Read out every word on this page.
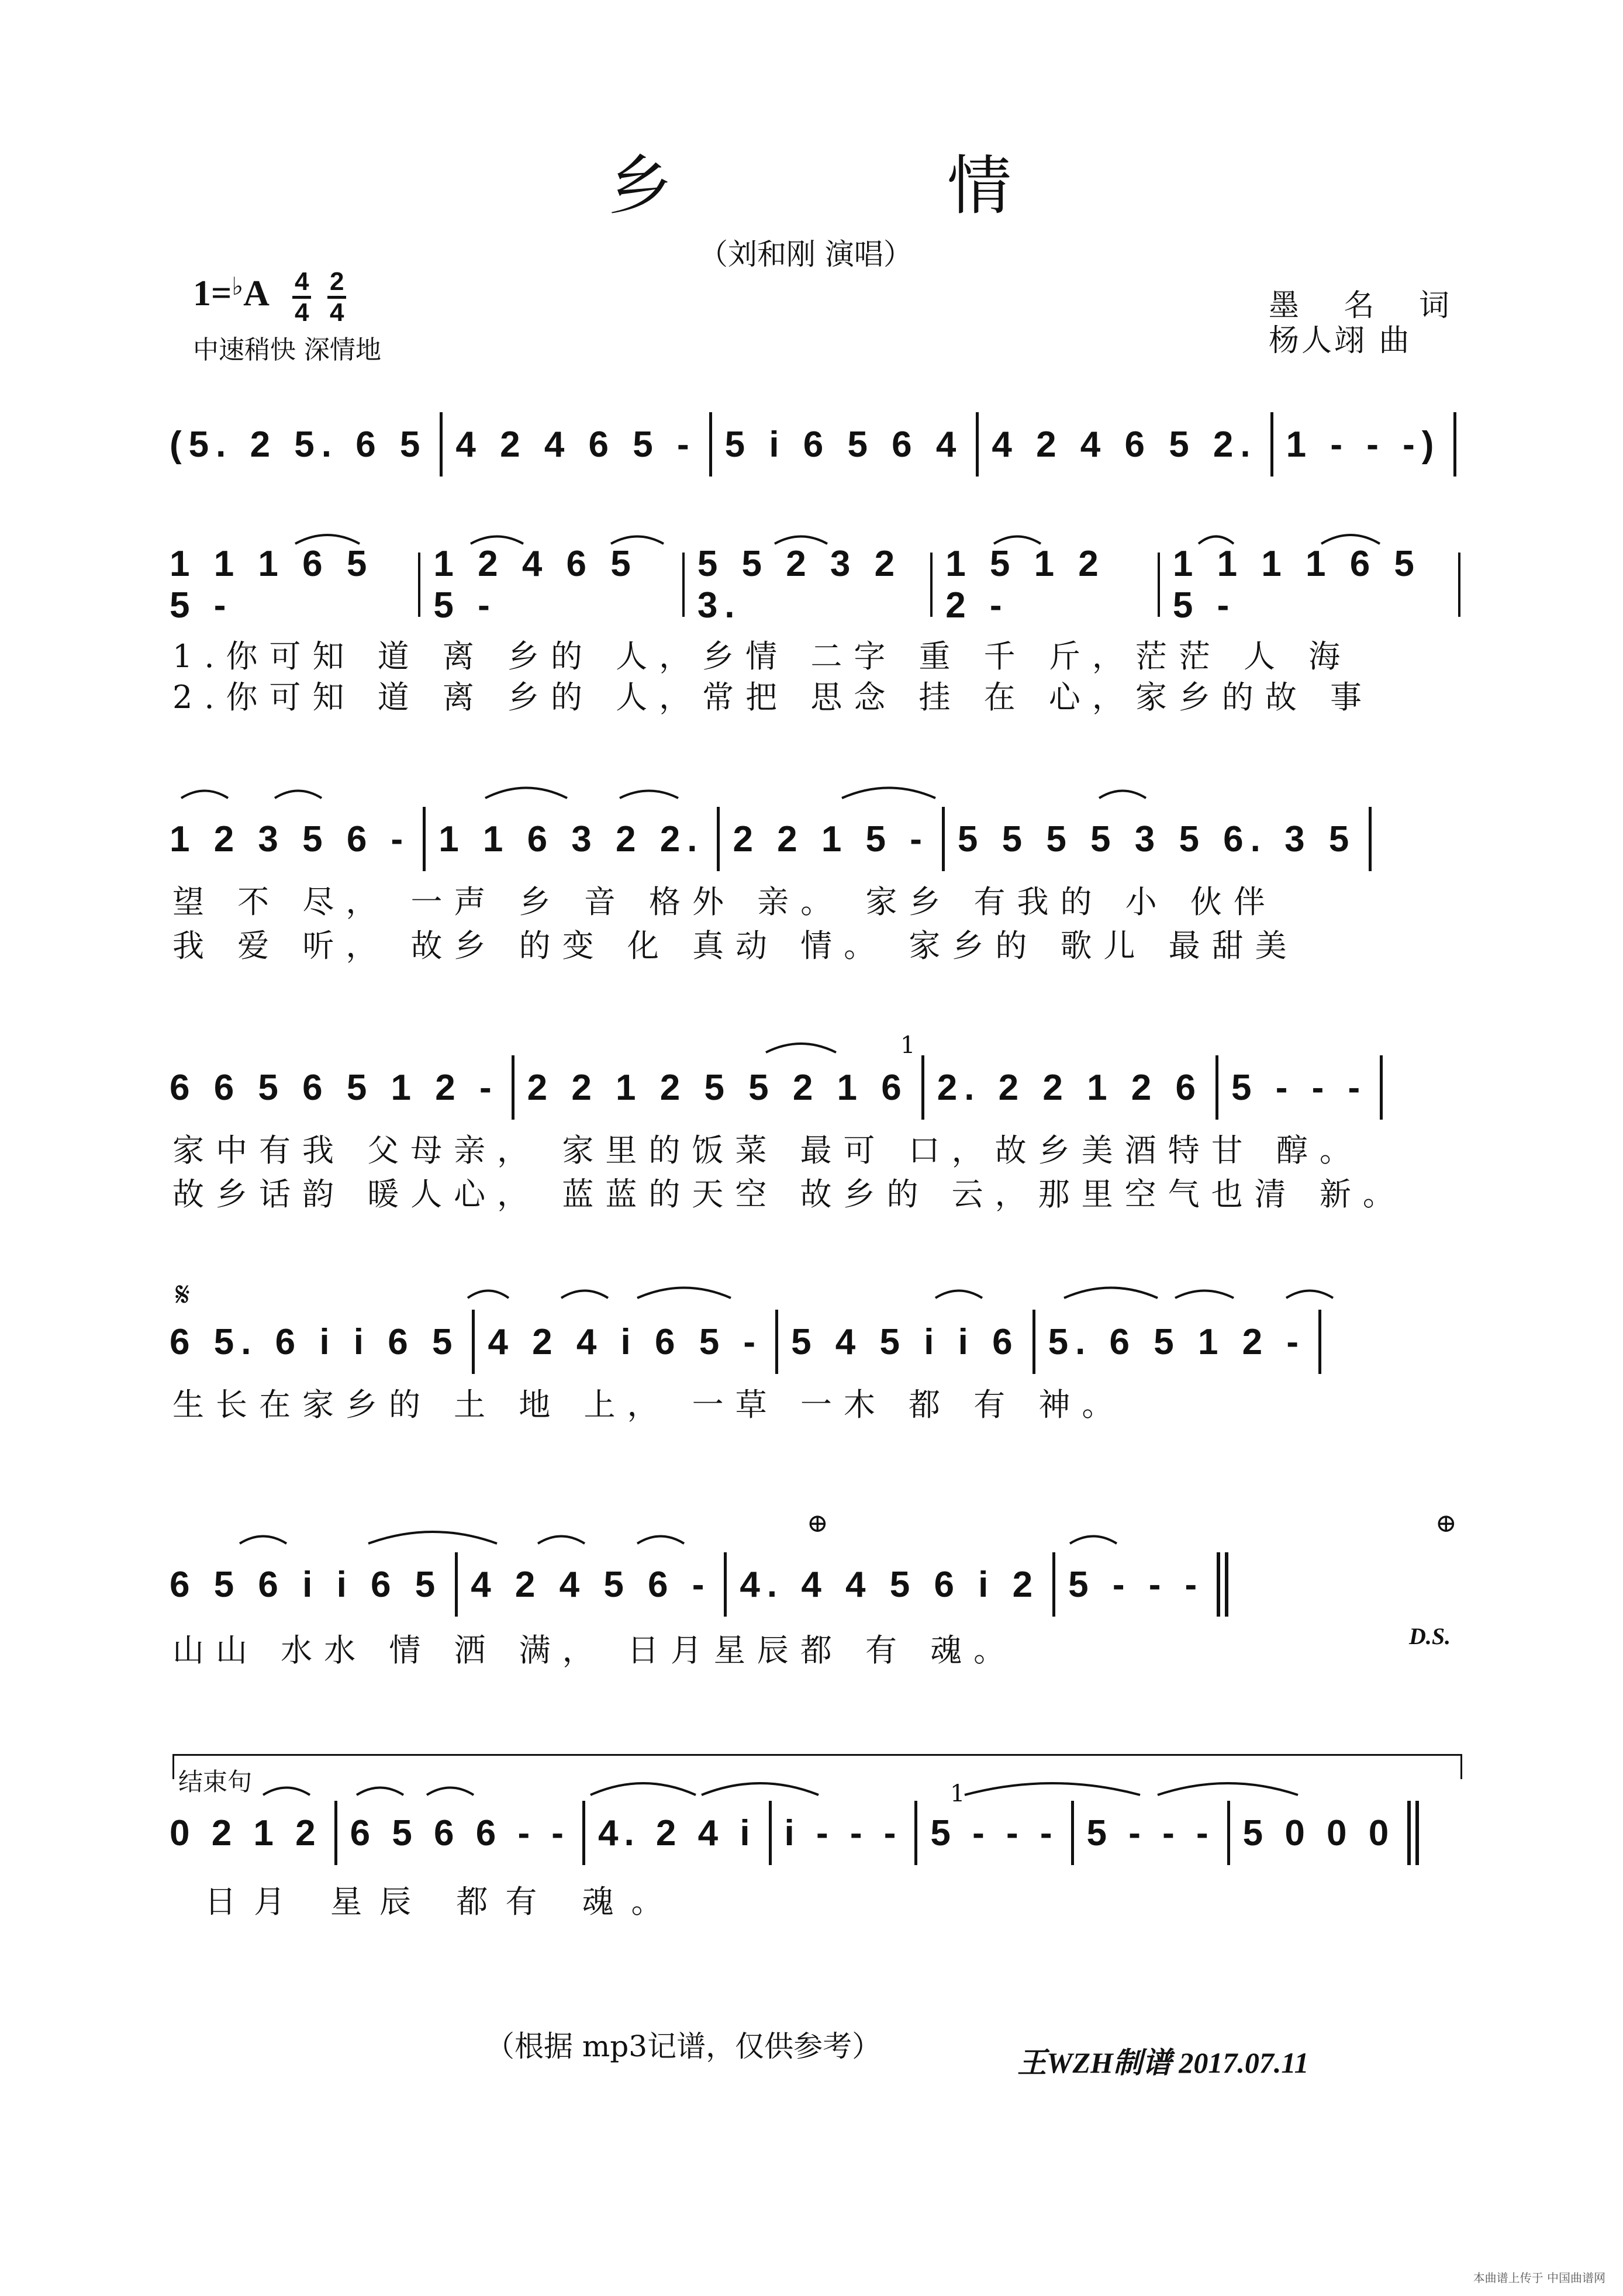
乡	情
（刘和刚 演唱）
$1=^♭A \frac{4}{4} \frac{2}{4}$
中速稍快 深情地
墨 名 词
杨人翊 曲
(5. 2 5. 6 5 4 2 4 6 5 - 5 i 6 5 6 4 4 2 4 6 5 2. 1 - - -)
1 1 1 6 5 5 -
1 2 4 6 5 5 -
5 5 2 3 2 3.
1 5 1 2 2 -
1 1 1 1 6 5 5 -
1.你可知 道 离 乡的 人，乡情 二字 重 千 斤，茫茫 人 海
2.你可知 道 离 乡的 人，常把 思念 挂 在 心，家乡的故 事
1 2 3 5 6 - 1 1 6 3 2 2. 2 2 1 5 - 5 5 5 5 3 5 6. 3 5
望 不 尽， 一声 乡 音 格外 亲。 家乡 有我的 小 伙伴
我 爱 听， 故乡 的变 化 真动 情。 家乡的 歌儿 最甜美
6 6 5 6 5 1 2 - 2 2 1 2 5 5 2 1 6 2. 2 2 1 2 6 5 - - -
1
家中有我 父母亲， 家里的饭菜 最可 口，故乡美酒特甘 醇。
故乡话韵 暖人心， 蓝蓝的天空 故乡的 云，那里空气也清 新。
𝄋
6 5. 6 i i 6 5 4 2 4 i 6 5 - 5 4 5 i i 6 5. 6 5 1 2 -
生长在家乡的 土 地 上， 一草 一木 都 有 神。
⊕	⊕
6 5 6 i i 6 5 4 2 4 5 6 - 4. 4 4 5 6 i 2 5 - - -
D.S.
山山 水水 情 洒 满， 日月星辰都 有 魂。
结束句	1
0 2 1 2 6 5 6 6 - - 4. 2 4 i i - - - 5 - - - 5 - - - 5 0 0 0
日月 星辰 都有 魂。
（根据 mp3记谱，仅供参考）	王WZH制谱 2017.07.11
本曲谱上传于 中国曲谱网
